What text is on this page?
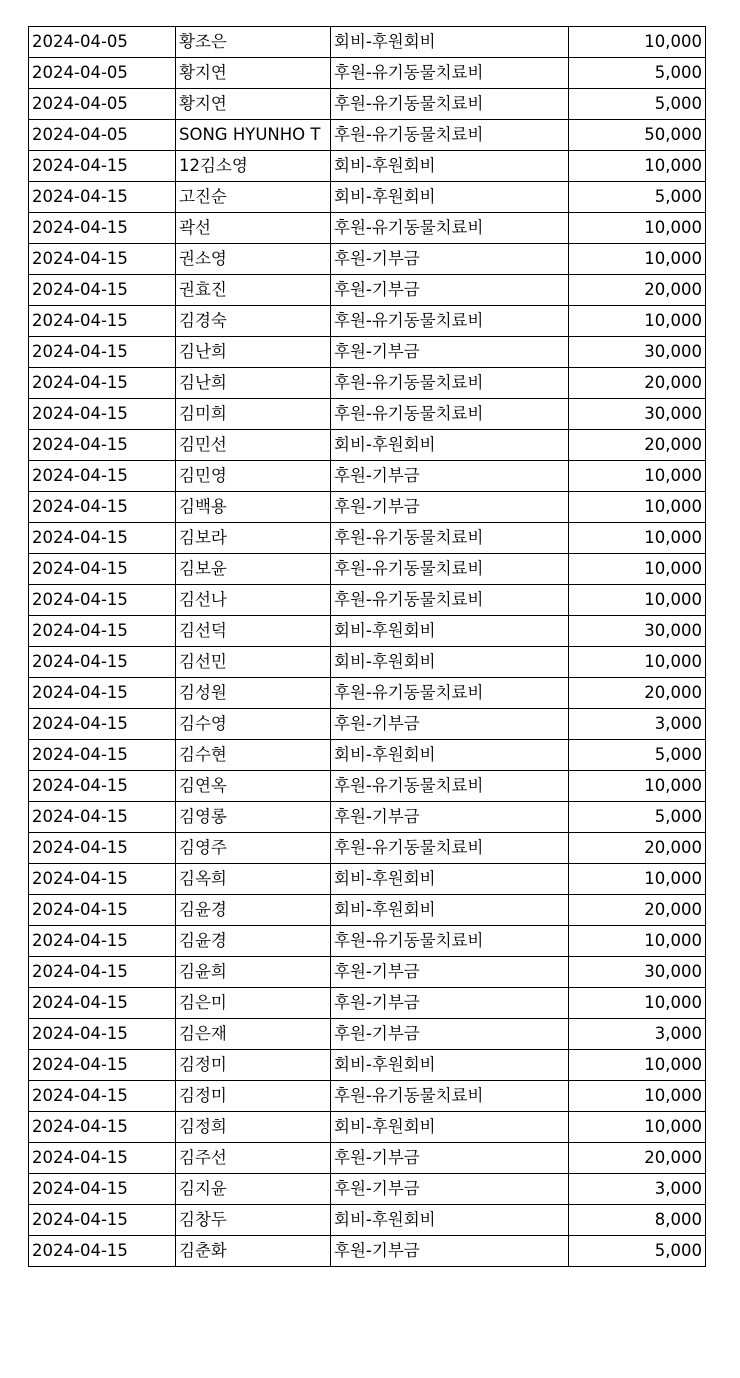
2024-04-05	황조은	회비-후원회비	10,000
2024-04-05	황지연	후원-유기동물치료비	5,000
2024-04-05	황지연	후원-유기동물치료비	5,000
2024-04-05	SONG HYUNHO T	후원-유기동물치료비	50,000
2024-04-15	12김소영	회비-후원회비	10,000
2024-04-15	고진순	회비-후원회비	5,000
2024-04-15	곽선	후원-유기동물치료비	10,000
2024-04-15	권소영	후원-기부금	10,000
2024-04-15	권효진	후원-기부금	20,000
2024-04-15	김경숙	후원-유기동물치료비	10,000
2024-04-15	김난희	후원-기부금	30,000
2024-04-15	김난희	후원-유기동물치료비	20,000
2024-04-15	김미희	후원-유기동물치료비	30,000
2024-04-15	김민선	회비-후원회비	20,000
2024-04-15	김민영	후원-기부금	10,000
2024-04-15	김백용	후원-기부금	10,000
2024-04-15	김보라	후원-유기동물치료비	10,000
2024-04-15	김보윤	후원-유기동물치료비	10,000
2024-04-15	김선나	후원-유기동물치료비	10,000
2024-04-15	김선덕	회비-후원회비	30,000
2024-04-15	김선민	회비-후원회비	10,000
2024-04-15	김성원	후원-유기동물치료비	20,000
2024-04-15	김수영	후원-기부금	3,000
2024-04-15	김수현	회비-후원회비	5,000
2024-04-15	김연옥	후원-유기동물치료비	10,000
2024-04-15	김영롱	후원-기부금	5,000
2024-04-15	김영주	후원-유기동물치료비	20,000
2024-04-15	김옥희	회비-후원회비	10,000
2024-04-15	김윤경	회비-후원회비	20,000
2024-04-15	김윤경	후원-유기동물치료비	10,000
2024-04-15	김윤희	후원-기부금	30,000
2024-04-15	김은미	후원-기부금	10,000
2024-04-15	김은재	후원-기부금	3,000
2024-04-15	김정미	회비-후원회비	10,000
2024-04-15	김정미	후원-유기동물치료비	10,000
2024-04-15	김정희	회비-후원회비	10,000
2024-04-15	김주선	후원-기부금	20,000
2024-04-15	김지윤	후원-기부금	3,000
2024-04-15	김창두	회비-후원회비	8,000
2024-04-15	김춘화	후원-기부금	5,000
